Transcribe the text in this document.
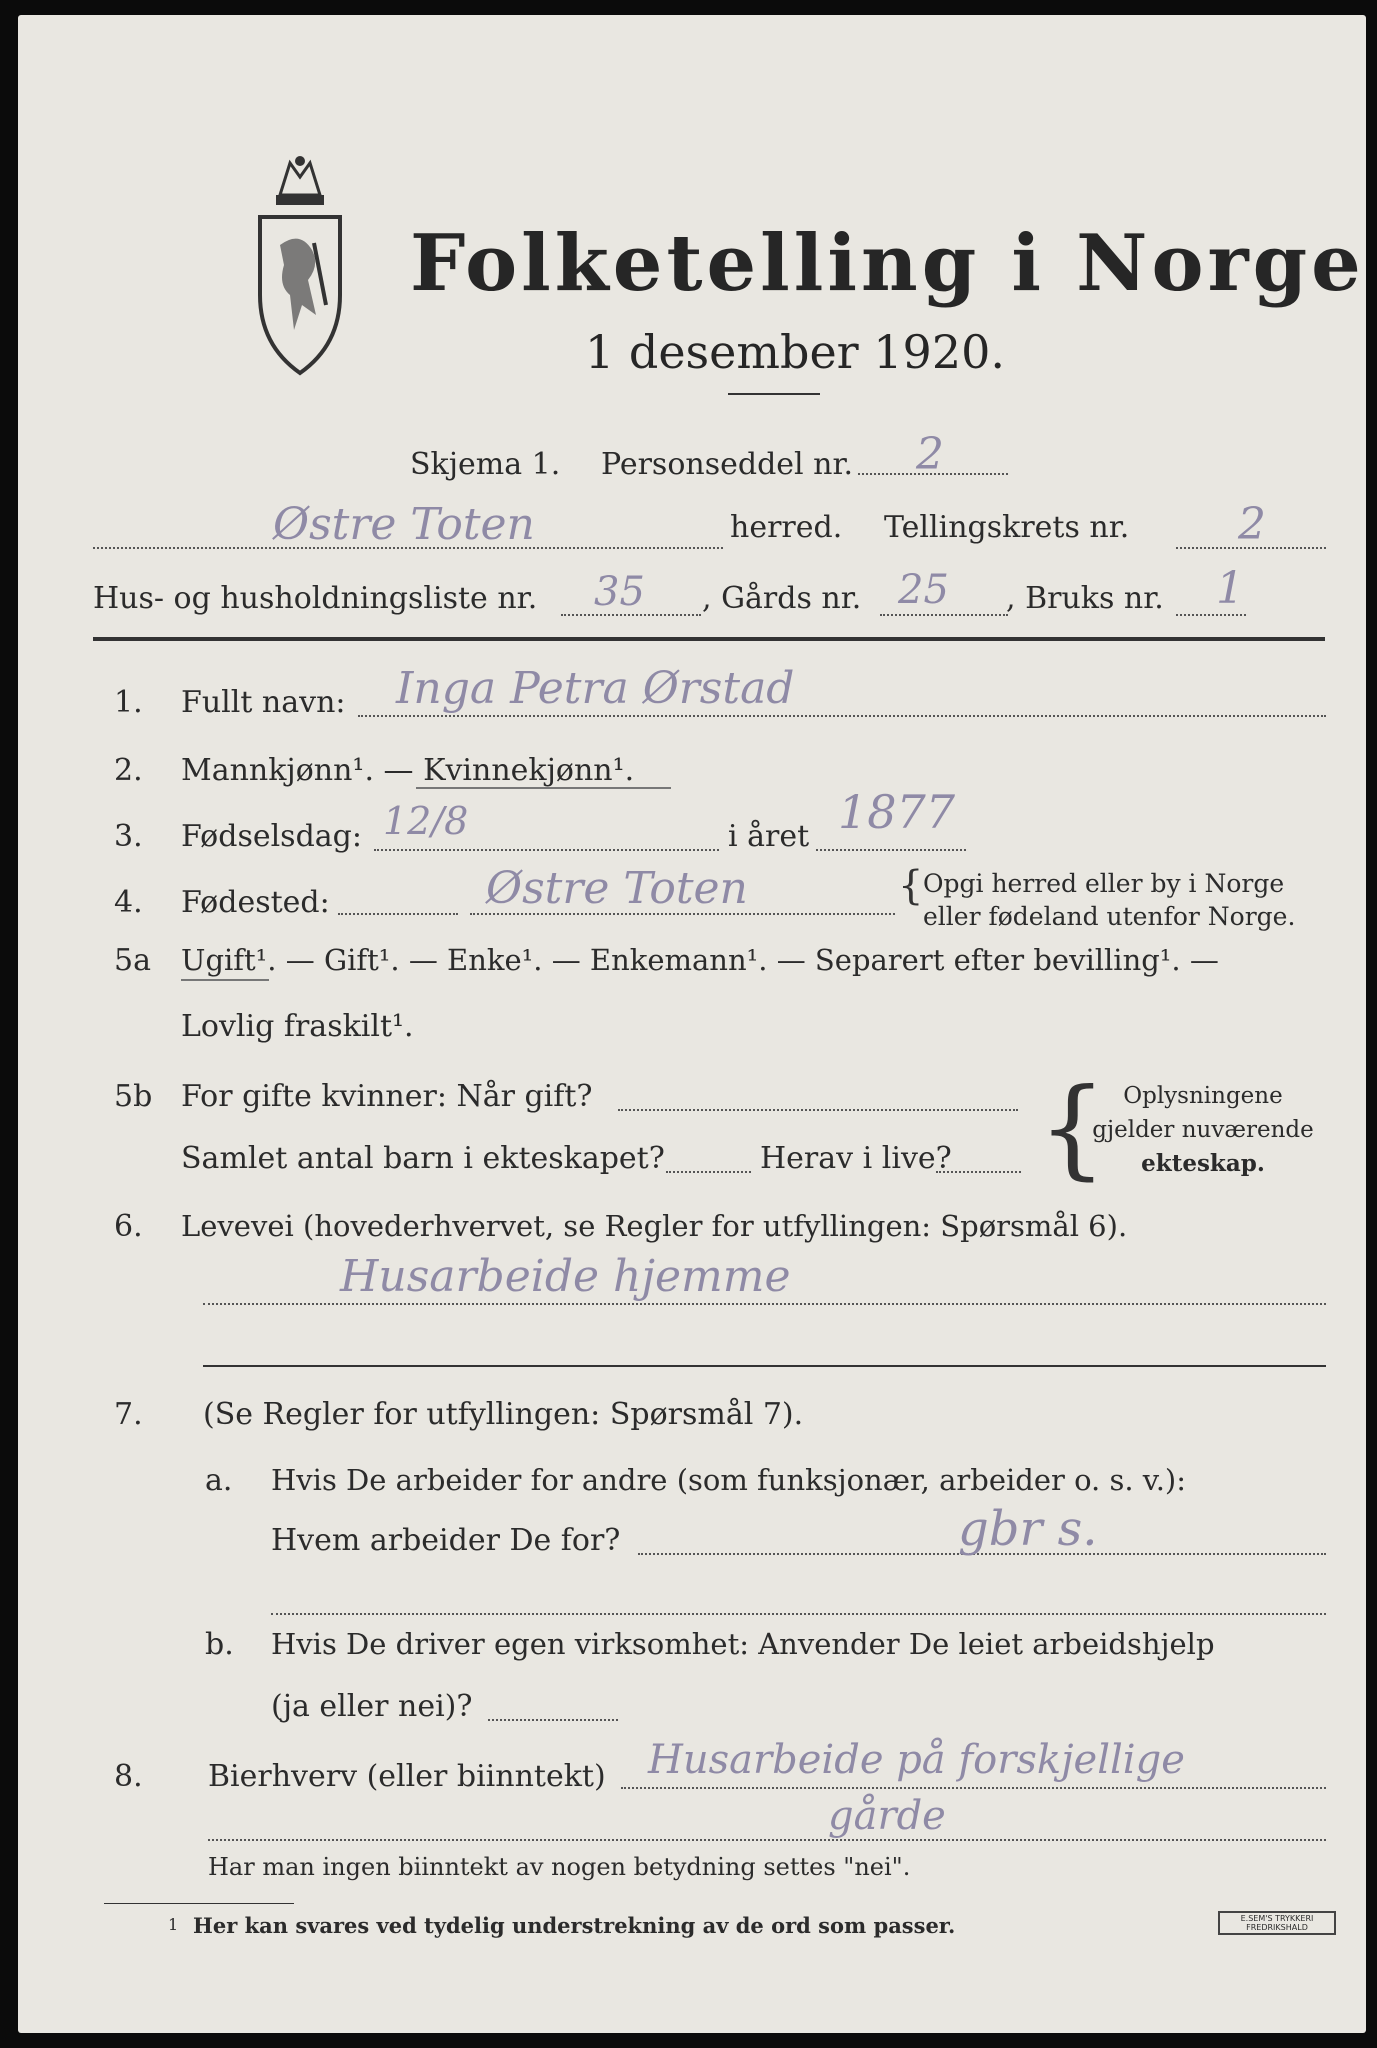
Folketelling i Norge
1 desember 1920.
Skjema 1. Personseddel nr. 2
Østre Toten	herred. Tellingskrets nr. 2
Hus- og husholdningsliste nr. 35 , Gårds nr. 25 , Bruks nr. 1
1. Fullt navn: Inga Petra Ørstad
2. Mannkjønn¹. — Kvinnekjønn¹.
3. Fødselsdag: 12/8	i året 1877
4. Fødested:	Østre Toten	{ Opgi herred eller by i Norge
eller fødeland utenfor Norge.
5a Ugift¹. — Gift¹. — Enke¹. — Enkemann¹. — Separert efter bevilling¹. —
Lovlig fraskilt¹.
5b For gifte kvinner: Når gift?
Samlet antal barn i ekteskapet?	Herav i live? { Oplysningene
gjelder nuværende
ekteskap.
6. Levevei (hovederhvervet, se Regler for utfyllingen: Spørsmål 6).
Husarbeide hjemme
7. (Se Regler for utfyllingen: Spørsmål 7).
a. Hvis De arbeider for andre (som funksjonær, arbeider o. s. v.):
Hvem arbeider De for?	gbr s.
b. Hvis De driver egen virksomhet: Anvender De leiet arbeidshjelp
(ja eller nei)?
8. Bierhverv (eller biinntekt) Husarbeide på forskjellige
gårde
Har man ingen biinntekt av nogen betydning settes "nei".
1 Her kan svares ved tydelig understrekning av de ord som passer.	E.SEM'S TRYKKERI
FREDRIKSHALD
